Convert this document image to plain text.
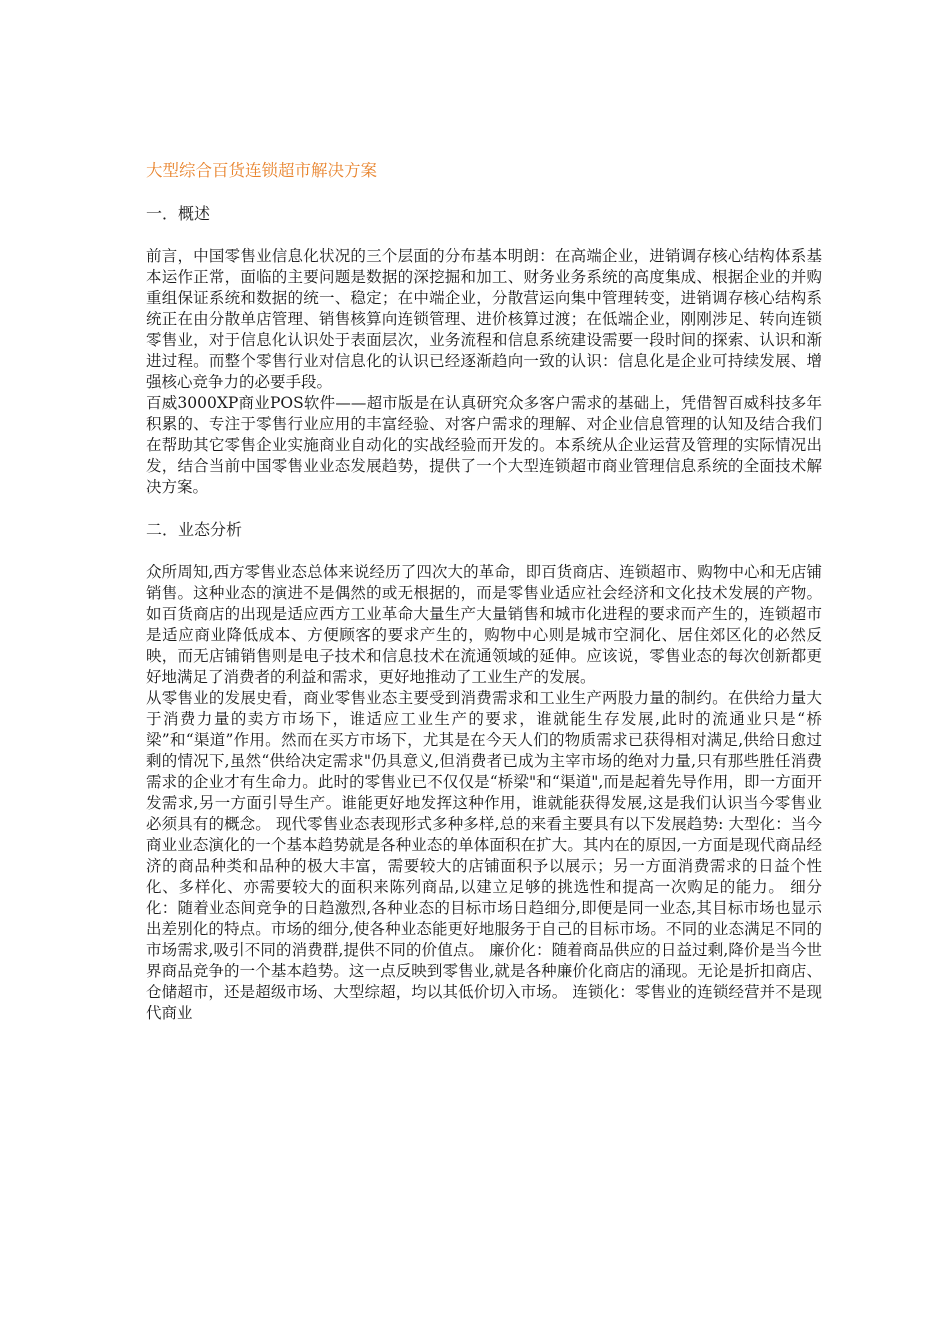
大型综合百货连锁超市解决方案
一．概述

前言，中国零售业信息化状况的三个层面的分布基本明朗：在高端企业，进销调存核心结构体系基本运作正常，面临的主要问题是数据的深挖掘和加工、财务业务系统的高度集成、根据企业的并购重组保证系统和数据的统一、稳定；在中端企业，分散营运向集中管理转变，进销调存核心结构系统正在由分散单店管理、销售核算向连锁管理、进价核算过渡；在低端企业，刚刚涉足、转向连锁零售业，对于信息化认识处于表面层次，业务流程和信息系统建设需要一段时间的探索、认识和渐进过程。而整个零售行业对信息化的认识已经逐渐趋向一致的认识：信息化是企业可持续发展、增强核心竞争力的必要手段。

百威3000XP商业POS软件——超市版是在认真研究众多客户需求的基础上，凭借智百威科技多年积累的、专注于零售行业应用的丰富经验、对客户需求的理解、对企业信息管理的认知及结合我们在帮助其它零售企业实施商业自动化的实战经验而开发的。本系统从企业运营及管理的实际情况出发，结合当前中国零售业业态发展趋势，提供了一个大型连锁超市商业管理信息系统的全面技术解决方案。

二．业态分析

众所周知,西方零售业态总体来说经历了四次大的革命，即百货商店、连锁超市、购物中心和无店铺销售。这种业态的演进不是偶然的或无根据的，而是零售业适应社会经济和文化技术发展的产物。如百货商店的出现是适应西方工业革命大量生产大量销售和城市化进程的要求而产生的，连锁超市是适应商业降低成本、方便顾客的要求产生的，购物中心则是城市空洞化、居住郊区化的必然反映，而无店铺销售则是电子技术和信息技术在流通领域的延伸。应该说，零售业态的每次创新都更好地满足了消费者的利益和需求，更好地推动了工业生产的发展。

从零售业的发展史看，商业零售业态主要受到消费需求和工业生产两股力量的制约。在供给力量大于消费力量的卖方市场下，谁适应工业生产的要求，谁就能生存发展,此时的流通业只是“桥梁”和“渠道”作用。然而在买方市场下，尤其是在今天人们的物质需求已获得相对满足,供给日愈过剩的情况下,虽然“供给决定需求"仍具意义,但消费者已成为主宰市场的绝对力量,只有那些胜任消费需求的企业才有生命力。此时的零售业已不仅仅是“桥梁"和“渠道",而是起着先导作用，即一方面开发需求,另一方面引导生产。谁能更好地发挥这种作用，谁就能获得发展,这是我们认识当今零售业必须具有的概念。 现代零售业态表现形式多种多样,总的来看主要具有以下发展趋势: 大型化：当今商业业态演化的一个基本趋势就是各种业态的单体面积在扩大。其内在的原因,一方面是现代商品经济的商品种类和品种的极大丰富，需要较大的店铺面积予以展示；另一方面消费需求的日益个性化、多样化、亦需要较大的面积来陈列商品,以建立足够的挑选性和提高一次购足的能力。 细分化：随着业态间竞争的日趋激烈,各种业态的目标市场日趋细分,即便是同一业态,其目标市场也显示出差别化的特点。市场的细分,使各种业态能更好地服务于自己的目标市场。不同的业态满足不同的市场需求,吸引不同的消费群,提供不同的价值点。 廉价化：随着商品供应的日益过剩,降价是当今世界商品竞争的一个基本趋势。这一点反映到零售业,就是各种廉价化商店的涌现。无论是折扣商店、仓储超市，还是超级市场、大型综超，均以其低价切入市场。 连锁化：零售业的连锁经营并不是现代商业
